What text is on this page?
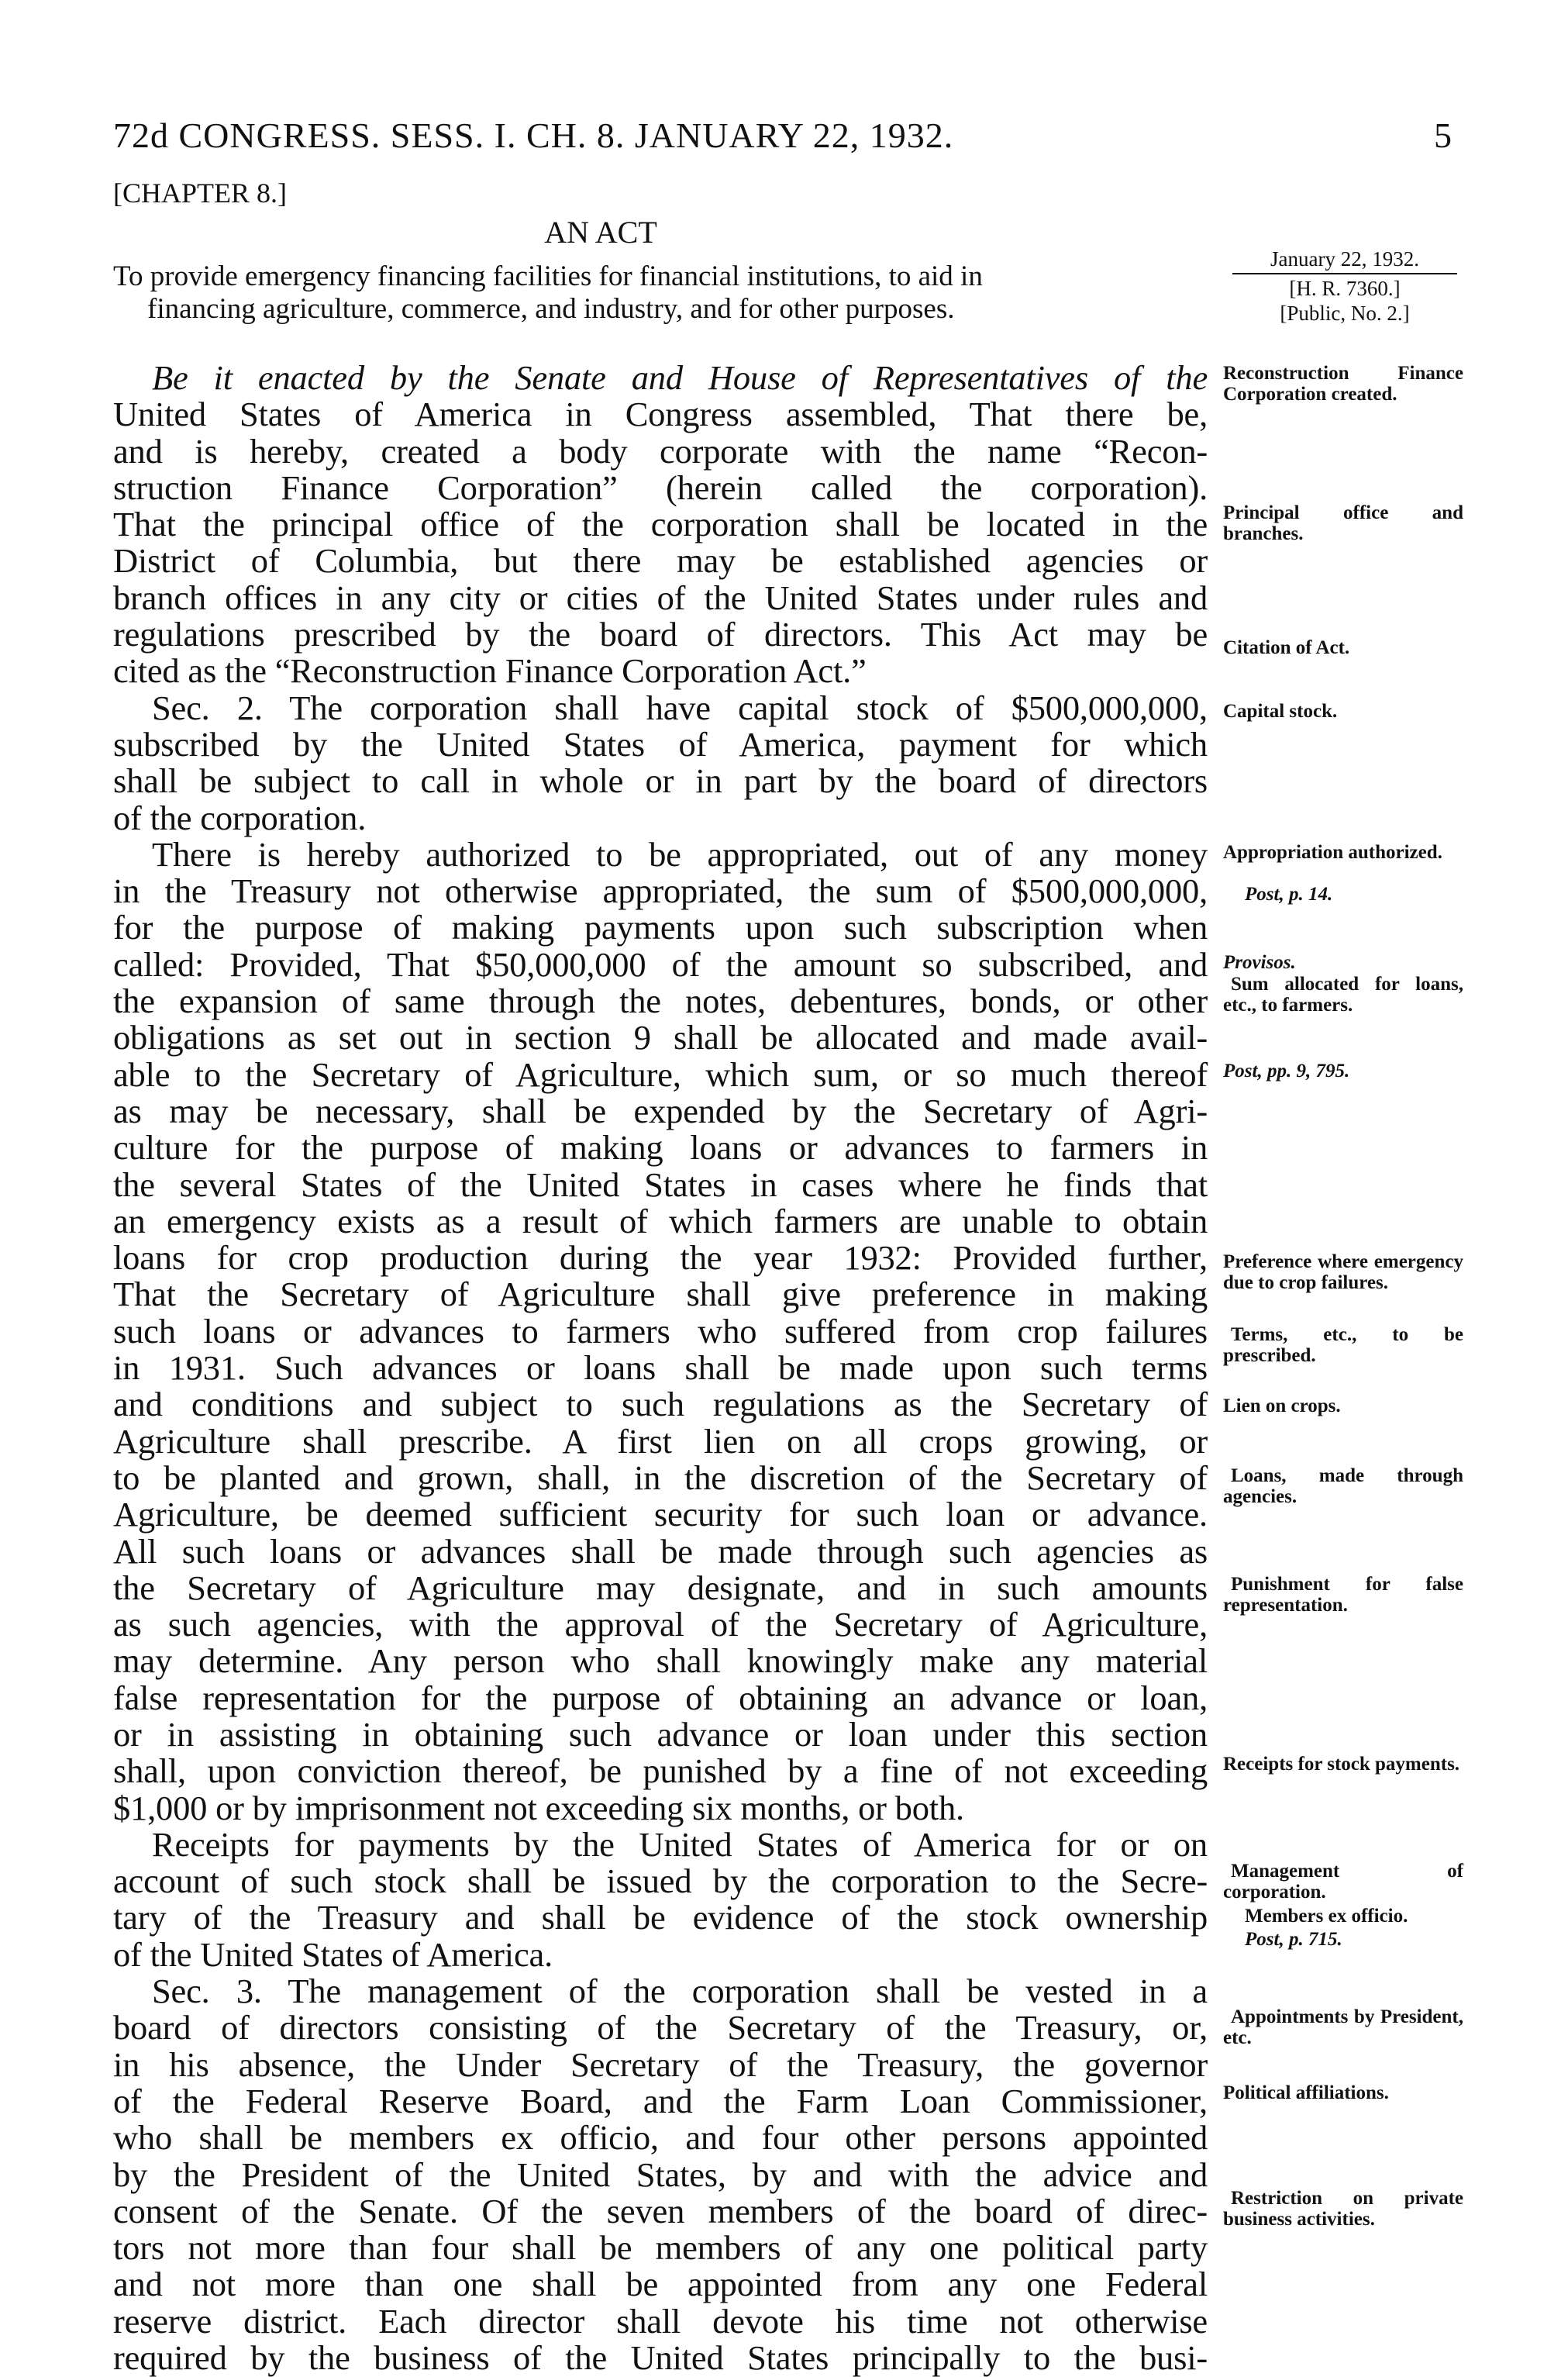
72d CONGRESS. SESS. I. CH. 8. JANUARY 22, 1932.	5
[CHAPTER 8.]
AN ACT
To provide emergency financing facilities for financial institutions, to aid in
financing agriculture, commerce, and industry, and for other purposes.
January 22, 1932.
[H. R. 7360.]
[Public, No. 2.]

Be it enacted by the Senate and House of Representatives of the

United States of America in Congress assembled, That there be,

and is hereby, created a body corporate with the name “Recon-

struction Finance Corporation” (herein called the corporation).

That the principal office of the corporation shall be located in the

District of Columbia, but there may be established agencies or

branch offices in any city or cities of the United States under rules and

regulations prescribed by the board of directors. This Act may be

cited as the “Reconstruction Finance Corporation Act.”

Sec. 2. The corporation shall have capital stock of $500,000,000,

subscribed by the United States of America, payment for which

shall be subject to call in whole or in part by the board of directors

of the corporation.

There is hereby authorized to be appropriated, out of any money

in the Treasury not otherwise appropriated, the sum of $500,000,000,

for the purpose of making payments upon such subscription when

called: Provided, That $50,000,000 of the amount so subscribed, and

the expansion of same through the notes, debentures, bonds, or other

obligations as set out in section 9 shall be allocated and made avail-

able to the Secretary of Agriculture, which sum, or so much thereof

as may be necessary, shall be expended by the Secretary of Agri-

culture for the purpose of making loans or advances to farmers in

the several States of the United States in cases where he finds that

an emergency exists as a result of which farmers are unable to obtain

loans for crop production during the year 1932: Provided further,

That the Secretary of Agriculture shall give preference in making

such loans or advances to farmers who suffered from crop failures

in 1931. Such advances or loans shall be made upon such terms

and conditions and subject to such regulations as the Secretary of

Agriculture shall prescribe. A first lien on all crops growing, or

to be planted and grown, shall, in the discretion of the Secretary of

Agriculture, be deemed sufficient security for such loan or advance.

All such loans or advances shall be made through such agencies as

the Secretary of Agriculture may designate, and in such amounts

as such agencies, with the approval of the Secretary of Agriculture,

may determine. Any person who shall knowingly make any material

false representation for the purpose of obtaining an advance or loan,

or in assisting in obtaining such advance or loan under this section

shall, upon conviction thereof, be punished by a fine of not exceeding

$1,000 or by imprisonment not exceeding six months, or both.

Receipts for payments by the United States of America for or on

account of such stock shall be issued by the corporation to the Secre-

tary of the Treasury and shall be evidence of the stock ownership

of the United States of America.

Sec. 3. The management of the corporation shall be vested in a

board of directors consisting of the Secretary of the Treasury, or,

in his absence, the Under Secretary of the Treasury, the governor

of the Federal Reserve Board, and the Farm Loan Commissioner,

who shall be members ex officio, and four other persons appointed

by the President of the United States, by and with the advice and

consent of the Senate. Of the seven members of the board of direc-

tors not more than four shall be members of any one political party

and not more than one shall be appointed from any one Federal

reserve district. Each director shall devote his time not otherwise

required by the business of the United States principally to the busi-

Reconstruction Finance Corporation created.
Principal office and branches.
Citation of Act.
Capital stock.
Appropriation authorized.
Post, p. 14.
Provisos.
Sum allocated for loans, etc., to farmers.
Post, pp. 9, 795.
Preference where emergency due to crop failures.
Terms, etc., to be prescribed.
Lien on crops.
Loans, made through agencies.
Punishment for false representation.
Receipts for stock payments.
Management of corporation.
Members ex officio.
Post, p. 715.
Appointments by President, etc.
Political affiliations.
Restriction on private business activities.
